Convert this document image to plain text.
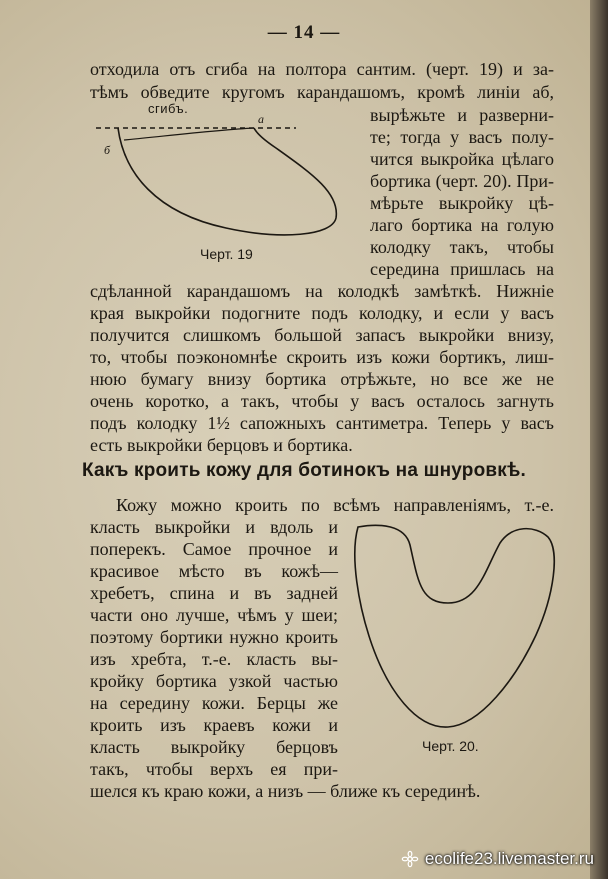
— 14 —
отходила отъ сгиба на полтора сантим. (черт. 19) и за-
тѣмъ обведите кругомъ карандашомъ, кромѣ линіи аб,
вырѣжьте и разверни-
те; тогда у васъ полу-
чится выкройка цѣлаго
бортика (черт. 20). При-
мѣрьте выкройку цѣ-
лаго бортика на голую
колодку такъ, чтобы
середина пришлась на
сдѣланной карандашомъ на колодкѣ замѣткѣ. Нижніе
края выкройки подогните подъ колодку, и если у васъ
получится слишкомъ большой запасъ выкройки внизу,
то, чтобы поэкономнѣе скроить изъ кожи бортикъ, лиш-
нюю бумагу внизу бортика отрѣжьте, но все же не
очень коротко, а такъ, чтобы у васъ осталось загнуть
подъ колодку 1½ сапожныхъ сантиметра. Теперь у васъ
есть выкройки берцовъ и бортика.
сгибъ.
а
б
Черт. 19
Какъ кроить кожу для ботинокъ на шнуровкѣ.
Кожу можно кроить по всѣмъ направленіямъ, т.-е.
класть выкройки и вдоль и
поперекъ. Самое прочное и
красивое мѣсто въ кожѣ—
хребетъ, спина и въ задней
части оно лучше, чѣмъ у шеи;
поэтому бортики нужно кроить
изъ хребта, т.-е. класть вы-
кройку бортика узкой частью
на середину кожи. Берцы же
кроить изъ краевъ кожи и
класть выкройку берцовъ
такъ, чтобы верхъ ея при-
шелся къ краю кожи, а низъ — ближе къ серединѣ.
Черт. 20.
ecolife23.livemaster.ru
